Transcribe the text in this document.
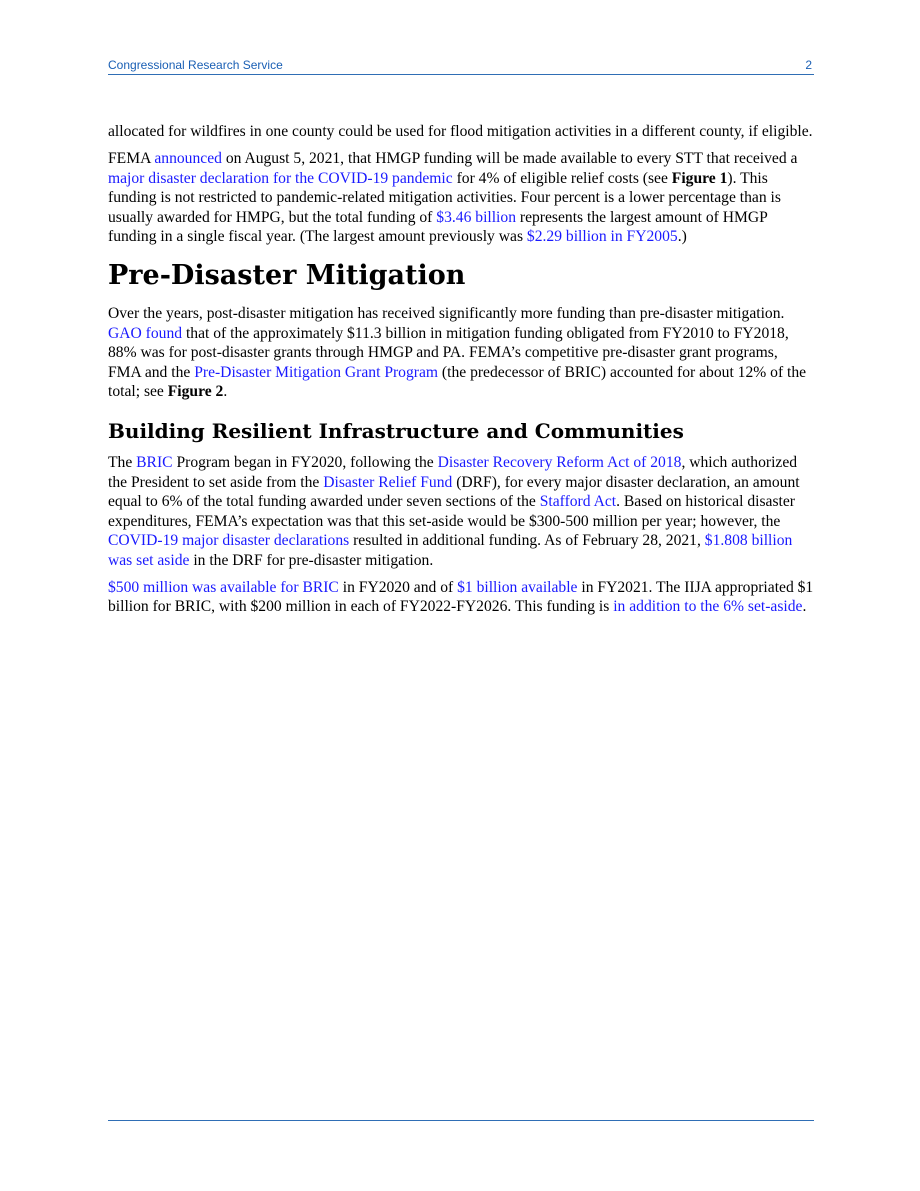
Congressional Research Service	2

allocated for wildfires in one county could be used for flood mitigation activities in a different county, if eligible.

FEMA announced on August 5, 2021, that HMGP funding will be made available to every STT that received a major disaster declaration for the COVID-19 pandemic for 4% of eligible relief costs (see Figure 1). This funding is not restricted to pandemic-related mitigation activities. Four percent is a lower percentage than is usually awarded for HMPG, but the total funding of $3.46 billion represents the largest amount of HMGP funding in a single fiscal year. (The largest amount previously was $2.29 billion in FY2005.)

Pre-Disaster Mitigation

Over the years, post-disaster mitigation has received significantly more funding than pre-disaster mitigation. GAO found that of the approximately $11.3 billion in mitigation funding obligated from FY2010 to FY2018, 88% was for post-disaster grants through HMGP and PA. FEMA’s competitive pre-disaster grant programs, FMA and the Pre-Disaster Mitigation Grant Program (the predecessor of BRIC) accounted for about 12% of the total; see Figure 2.

Building Resilient Infrastructure and Communities

The BRIC Program began in FY2020, following the Disaster Recovery Reform Act of 2018, which authorized the President to set aside from the Disaster Relief Fund (DRF), for every major disaster declaration, an amount equal to 6% of the total funding awarded under seven sections of the Stafford Act. Based on historical disaster expenditures, FEMA’s expectation was that this set-aside would be $300-500 million per year; however, the COVID-19 major disaster declarations resulted in additional funding. As of February 28, 2021, $1.808 billion was set aside in the DRF for pre-disaster mitigation.

$500 million was available for BRIC in FY2020 and of $1 billion available in FY2021. The IIJA appropriated $1 billion for BRIC, with $200 million in each of FY2022-FY2026. This funding is in addition to the 6% set-aside.
